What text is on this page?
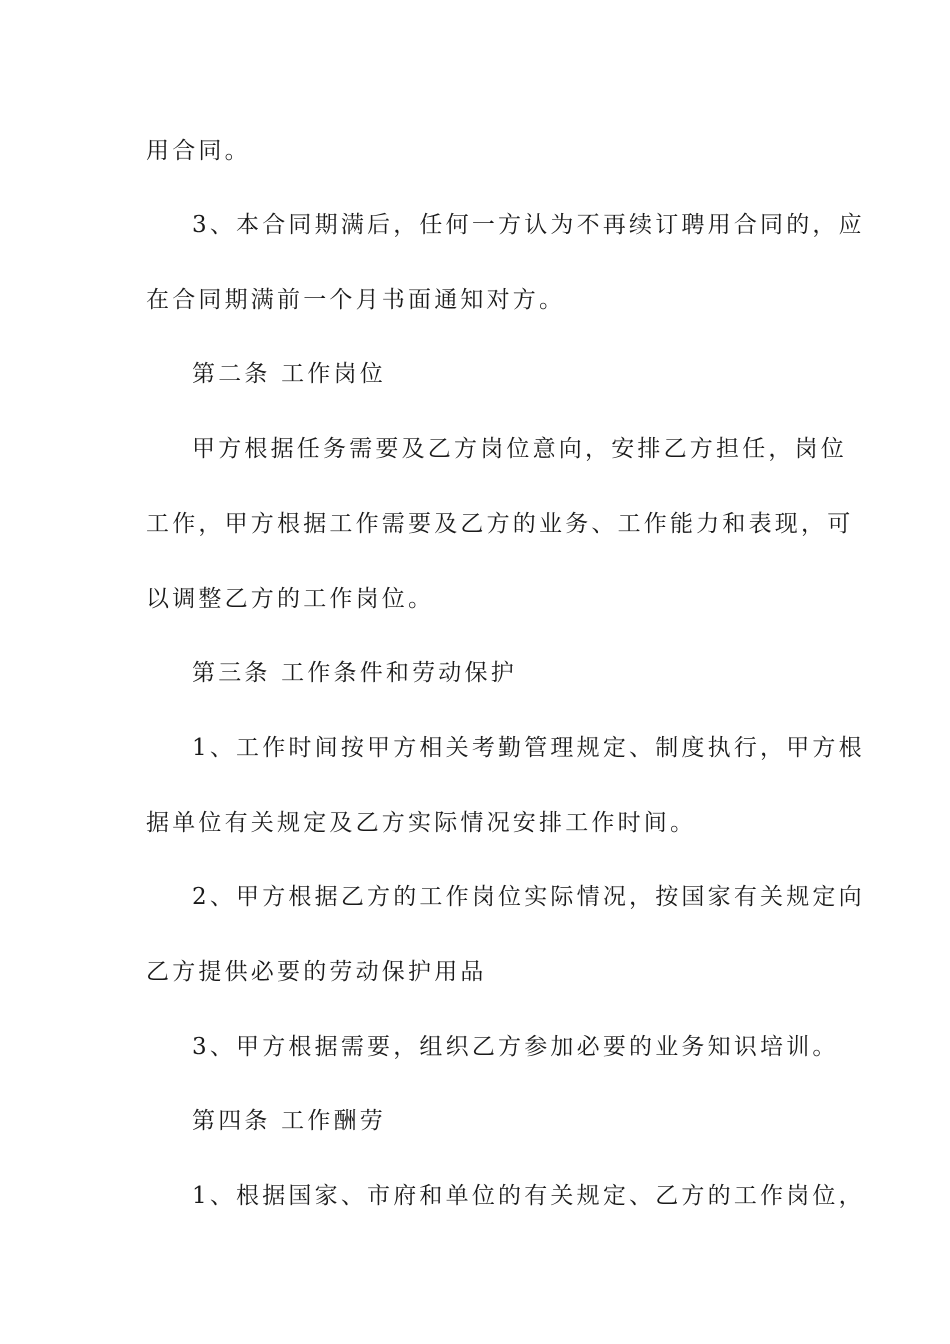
用合同。
3、本合同期满后，任何一方认为不再续订聘用合同的，应
在合同期满前一个月书面通知对方。
第二条 工作岗位
甲方根据任务需要及乙方岗位意向，安排乙方担任，岗位
工作，甲方根据工作需要及乙方的业务、工作能力和表现，可
以调整乙方的工作岗位。
第三条 工作条件和劳动保护
1、工作时间按甲方相关考勤管理规定、制度执行，甲方根
据单位有关规定及乙方实际情况安排工作时间。
2、甲方根据乙方的工作岗位实际情况，按国家有关规定向
乙方提供必要的劳动保护用品
3、甲方根据需要，组织乙方参加必要的业务知识培训。
第四条 工作酬劳
1、根据国家、市府和单位的有关规定、乙方的工作岗位，
